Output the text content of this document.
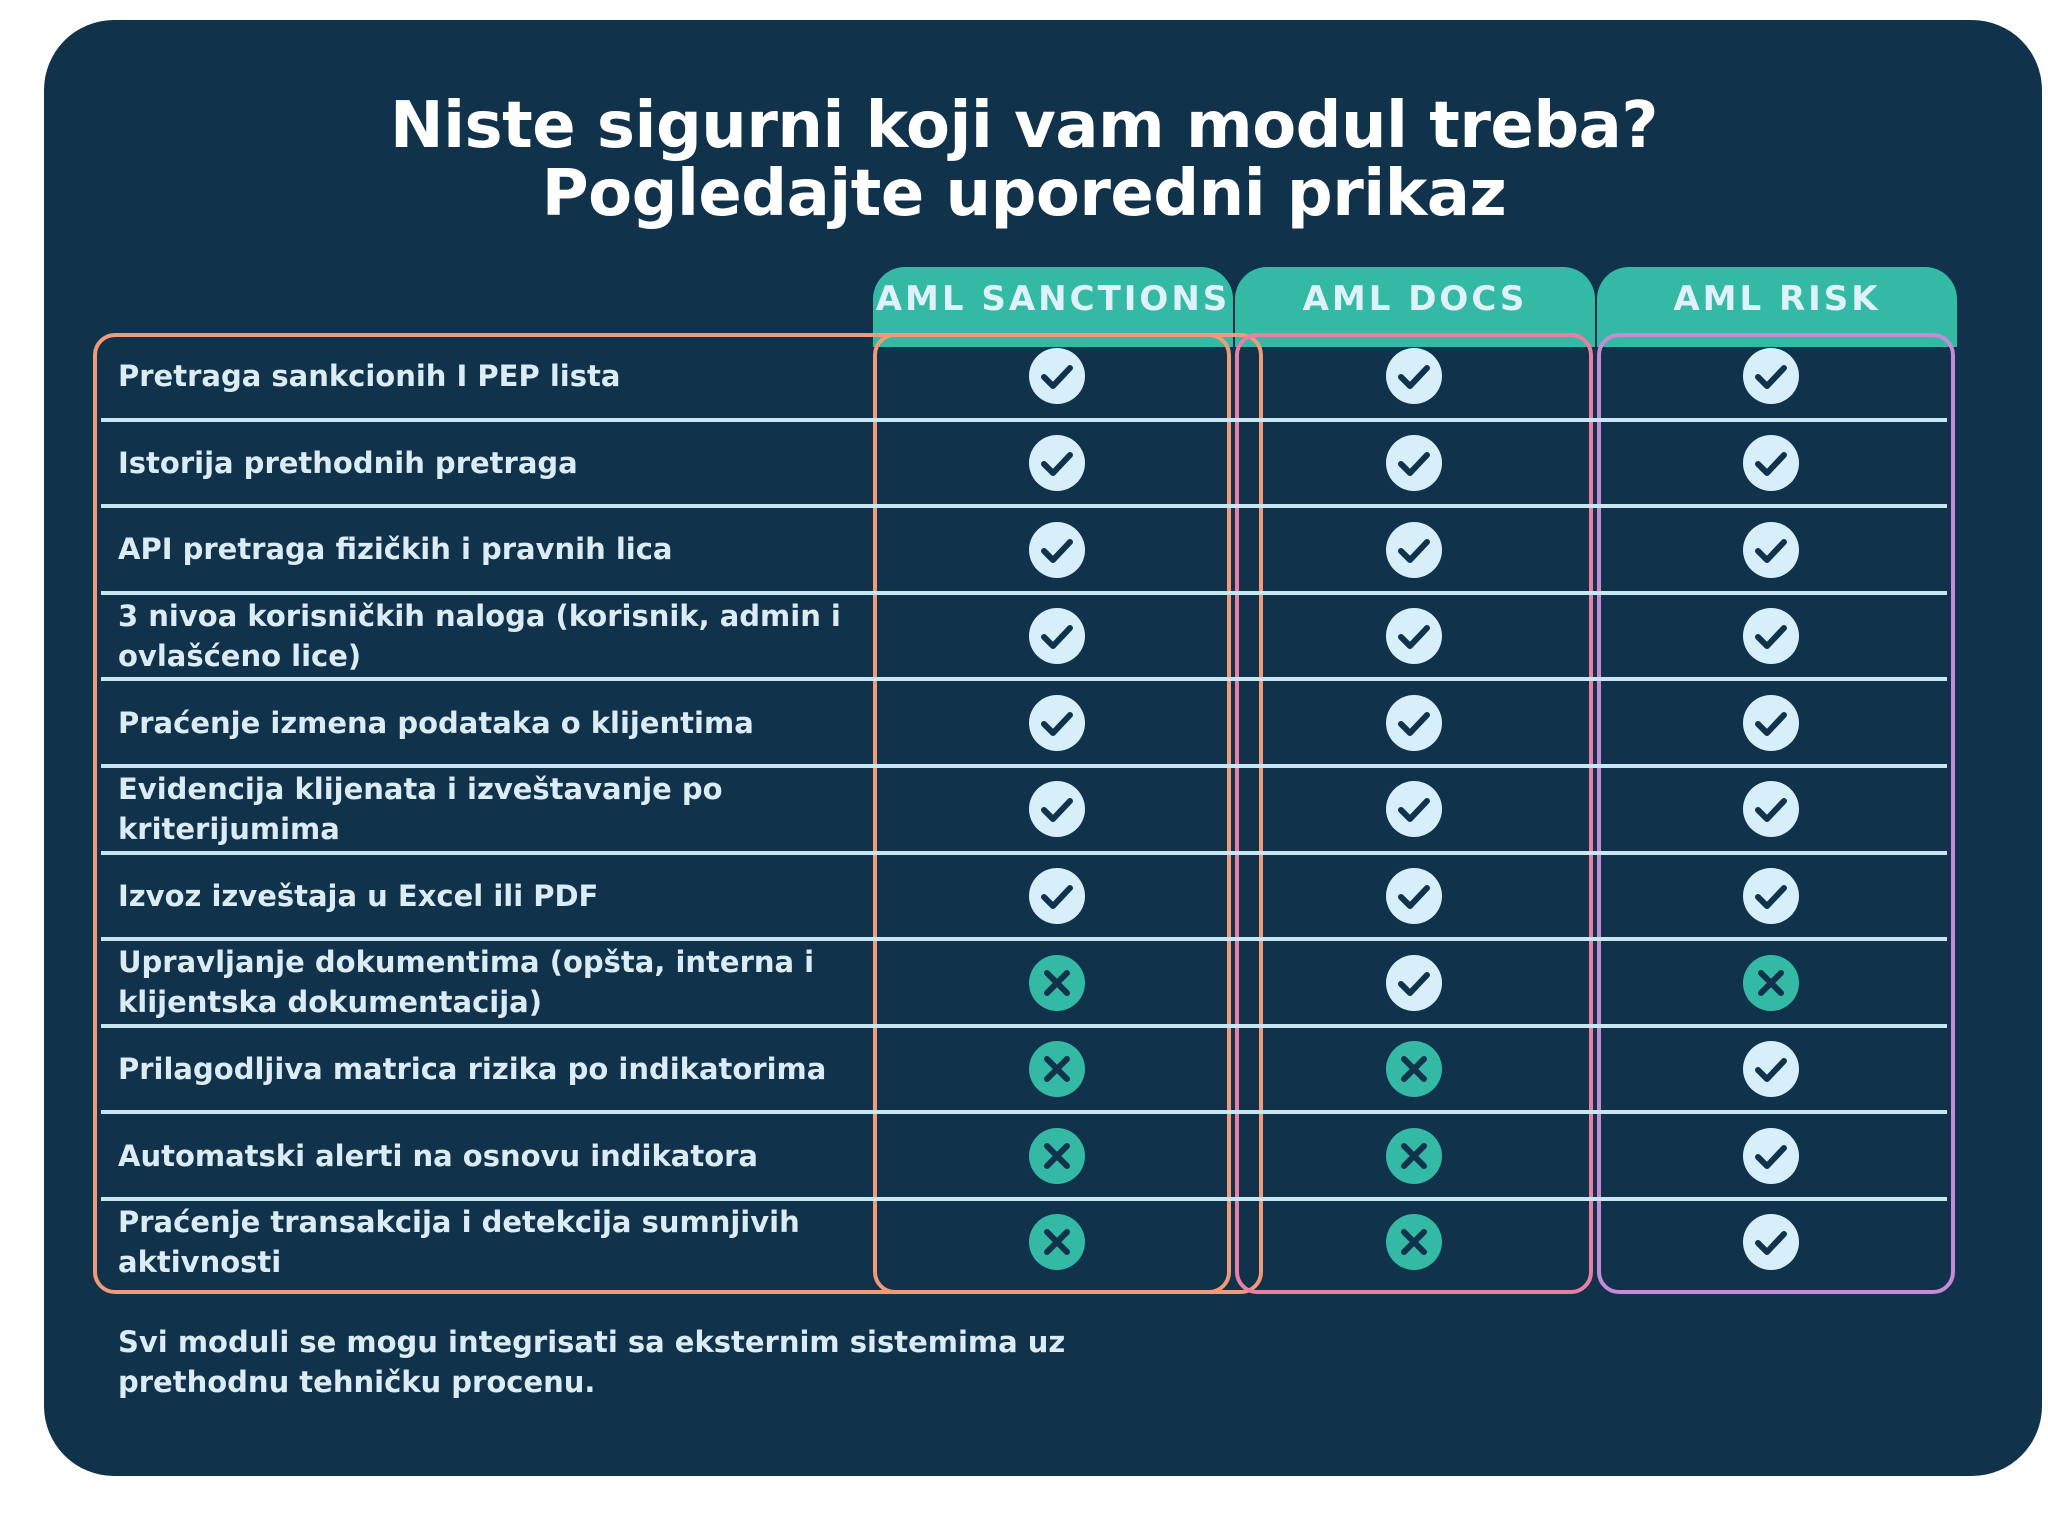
Niste sigurni koji vam modul treba?
Pogledajte uporedni prikaz
AML SANCTIONS	AML DOCS	AML RISK
Pretraga sankcionih I PEP lista
Istorija prethodnih pretraga
API pretraga fizičkih i pravnih lica
3 nivoa korisničkih naloga (korisnik, admin i ovlašćeno lice)
Praćenje izmena podataka o klijentima
Evidencija klijenata i izveštavanje po kriterijumima
Izvoz izveštaja u Excel ili PDF
Upravljanje dokumentima (opšta, interna i klijentska dokumentacija)
Prilagodljiva matrica rizika po indikatorima
Automatski alerti na osnovu indikatora
Praćenje transakcija i detekcija sumnjivih aktivnosti

Svi moduli se mogu integrisati sa eksternim sistemima uz prethodnu tehničku procenu.
